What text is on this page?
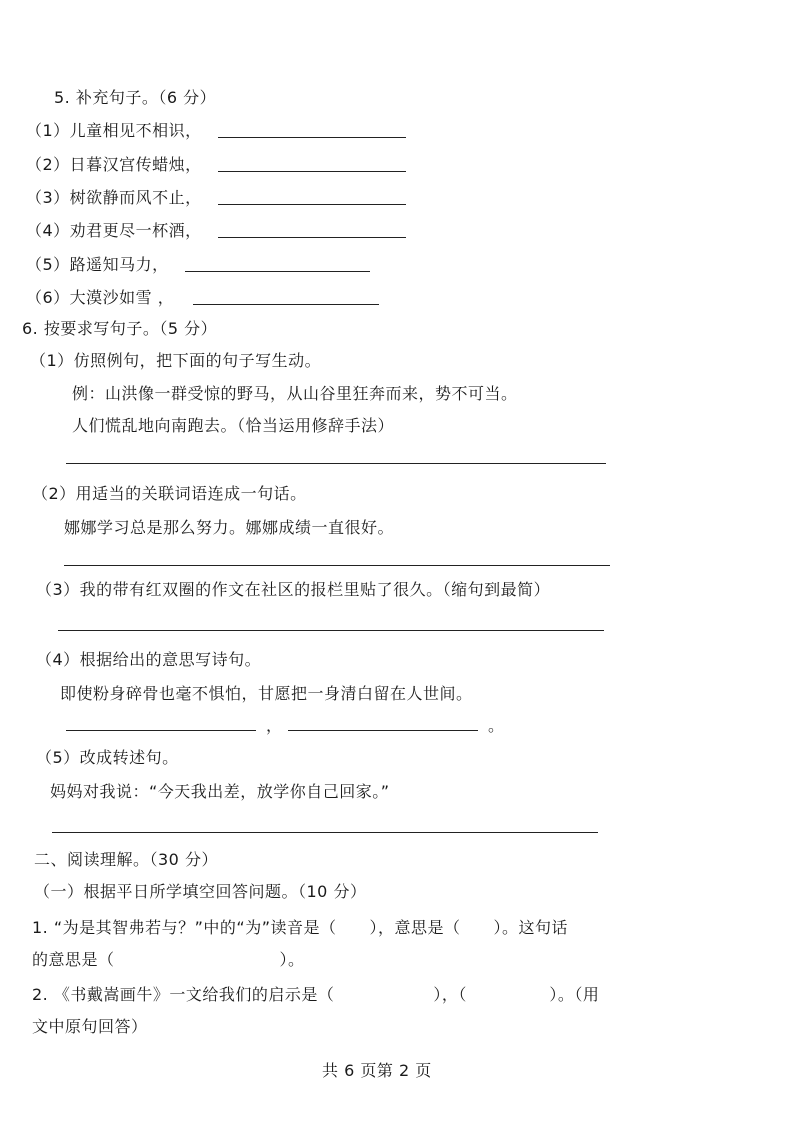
5. 补充句子。（6 分）
（1）儿童相见不相识，
（2）日暮汉宫传蜡烛，
（3）树欲静而风不止，
（4）劝君更尽一杯酒，
（5）路遥知马力，
（6）大漠沙如雪 ，
6. 按要求写句子。（5 分）
（1）仿照例句，把下面的句子写生动。
例：山洪像一群受惊的野马，从山谷里狂奔而来，势不可当。
人们慌乱地向南跑去。（恰当运用修辞手法）
（2）用适当的关联词语连成一句话。
娜娜学习总是那么努力。娜娜成绩一直很好。
（3）我的带有红双圈的作文在社区的报栏里贴了很久。（缩句到最简）
（4）根据给出的意思写诗句。
即使粉身碎骨也毫不惧怕，甘愿把一身清白留在人世间。
，	。
（5）改成转述句。
妈妈对我说：“今天我出差，放学你自己回家。”
二、阅读理解。（30 分）
（一）根据平日所学填空回答问题。（10 分）
1. “为是其智弗若与？”中的“为”读音是（　　），意思是（　　）。这句话
的意思是（　　　　　　　　　　）。
2. 《书戴嵩画牛》一文给我们的启示是（　　　　　　），（　　　　　）。（用
文中原句回答）
共 6 页第 2 页
